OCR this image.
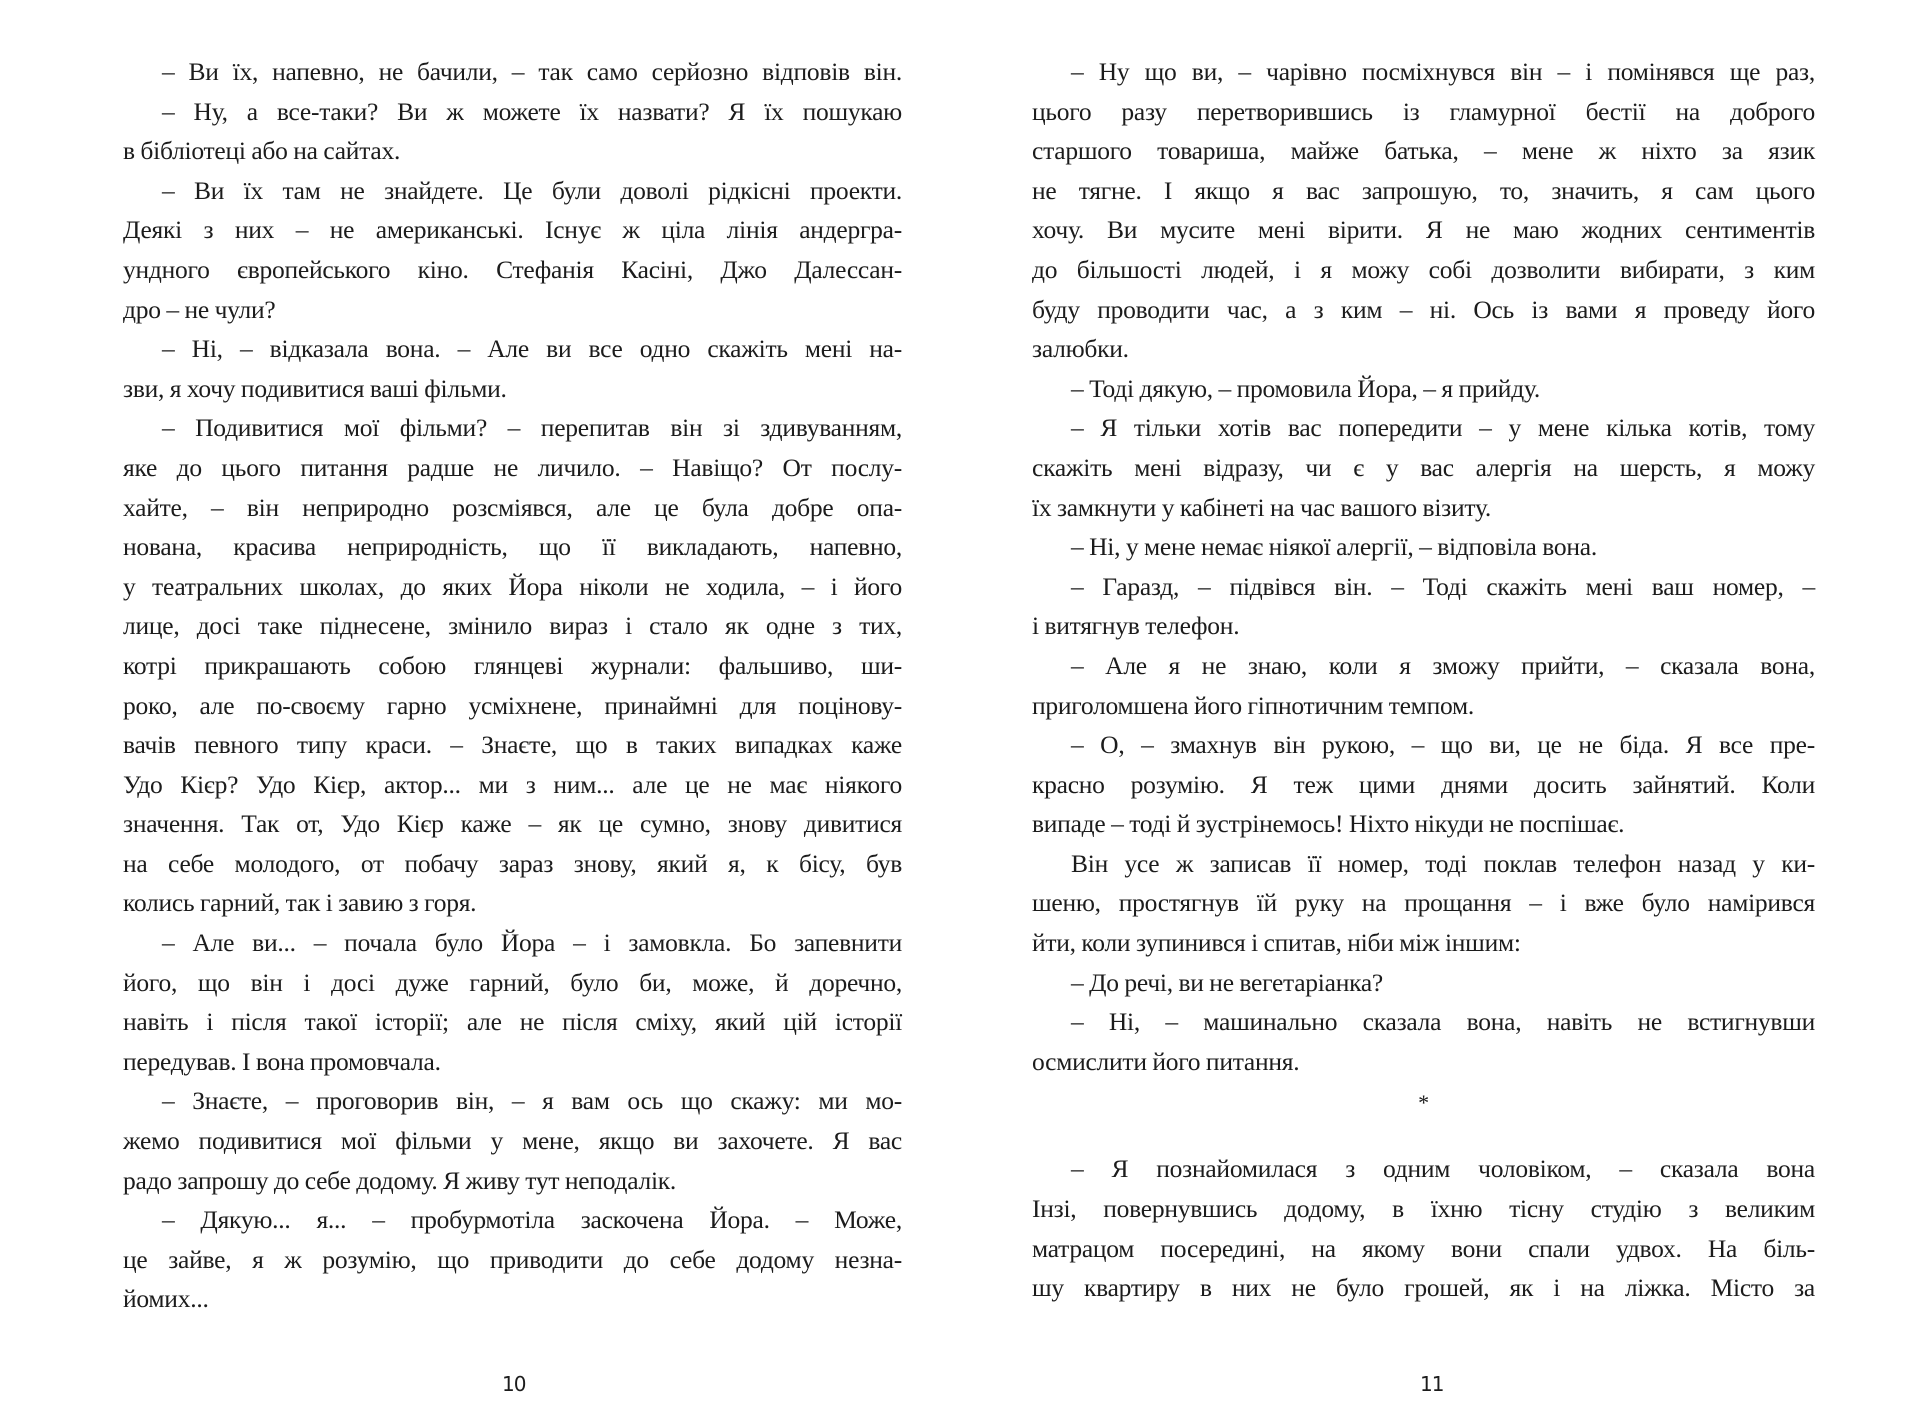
– Ви їх, напевно, не бачили, – так само серйозно відповів він.
– Ну, а все-таки? Ви ж можете їх назвати? Я їх пошукаю
в бібліотеці або на сайтах.
– Ви їх там не знайдете. Це були доволі рідкісні проекти.
Деякі з них – не американські. Існує ж ціла лінія андергра-
ундного європейського кіно. Стефанія Касіні, Джо Далессан-
дро – не чули?
– Ні, – відказала вона. – Але ви все одно скажіть мені на-
зви, я хочу подивитися ваші фільми.
– Подивитися мої фільми? – перепитав він зі здивуванням,
яке до цього питання радше не личило. – Навіщо? От послу-
хайте, – він неприродно розсміявся, але це була добре опа-
нована, красива неприродність, що її викладають, напевно,
у театральних школах, до яких Йора ніколи не ходила, – і його
лице, досі таке піднесене, змінило вираз і стало як одне з тих,
котрі прикрашають собою глянцеві журнали: фальшиво, ши-
роко, але по-своєму гарно усміхнене, принаймні для поцінову-
вачів певного типу краси. – Знаєте, що в таких випадках каже
Удо Кієр? Удо Кієр, актор... ми з ним... але це не має ніякого
значення. Так от, Удо Кієр каже – як це сумно, знову дивитися
на себе молодого, от побачу зараз знову, який я, к бісу, був
колись гарний, так і завию з горя.
– Але ви... – почала було Йора – і замовкла. Бо запевнити
його, що він і досі дуже гарний, було би, може, й доречно,
навіть і після такої історії; але не після сміху, який цій історії
передував. І вона промовчала.
– Знаєте, – проговорив він, – я вам ось що скажу: ми мо-
жемо подивитися мої фільми у мене, якщо ви захочете. Я вас
радо запрошу до себе додому. Я живу тут неподалік.
– Дякую... я... – пробурмотіла заскочена Йора. – Може,
це зайве, я ж розумію, що приводити до себе додому незна-
йомих...
10
– Ну що ви, – чарівно посміхнувся він – і помінявся ще раз,
цього разу перетворившись із гламурної бестії на доброго
старшого товариша, майже батька, – мене ж ніхто за язик
не тягне. І якщо я вас запрошую, то, значить, я сам цього
хочу. Ви мусите мені вірити. Я не маю жодних сентиментів
до більшості людей, і я можу собі дозволити вибирати, з ким
буду проводити час, а з ким – ні. Ось із вами я проведу його
залюбки.
– Тоді дякую, – промовила Йора, – я прийду.
– Я тільки хотів вас попередити – у мене кілька котів, тому
скажіть мені відразу, чи є у вас алергія на шерсть, я можу
їх замкнути у кабінеті на час вашого візиту.
– Ні, у мене немає ніякої алергії, – відповіла вона.
– Гаразд, – підвівся він. – Тоді скажіть мені ваш номер, –
і витягнув телефон.
– Але я не знаю, коли я зможу прийти, – сказала вона,
приголомшена його гіпнотичним темпом.
– О, – змахнув він рукою, – що ви, це не біда. Я все пре-
красно розумію. Я теж цими днями досить зайнятий. Коли
випаде – тоді й зустрінемось! Ніхто нікуди не поспішає.
Він усе ж записав її номер, тоді поклав телефон назад у ки-
шеню, простягнув їй руку на прощання – і вже було намірився
йти, коли зупинився і спитав, ніби між іншим:
– До речі, ви не вегетаріанка?
– Ні, – машинально сказала вона, навіть не встигнувши
осмислити його питання.
*
– Я познайомилася з одним чоловіком, – сказала вона
Інзі, повернувшись додому, в їхню тісну студію з великим
матрацом посередині, на якому вони спали удвох. На біль-
шу квартиру в них не було грошей, як і на ліжка. Місто за
11
